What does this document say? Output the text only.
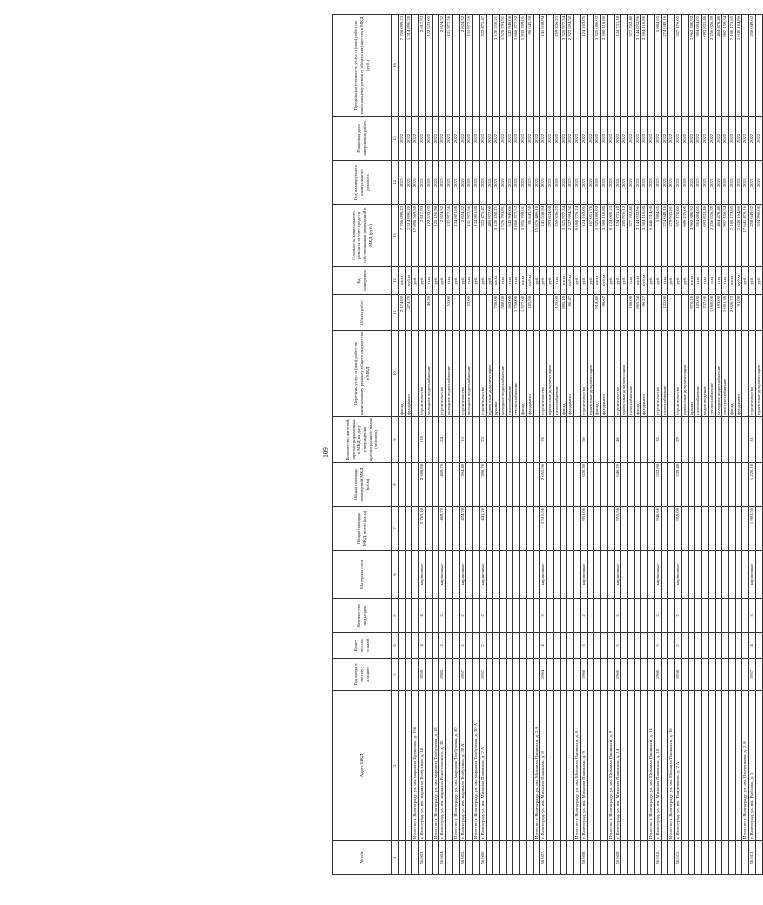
109
№ п/п	Адрес МКД	Год ввода в эксплу-атацию	Коли-чество этажей	Количество подъездов	Материал стен	Общая площадь МКД, всего (кв.м)	Общая площадь помещений МКД (кв.м)	Количество жителей, зарегистрированных в МКД на дату утверждения краткосрочного плана (человек)	Перечень услуг и (или) работ по капитальному ремонту общего имущества в МКД	Объем работ	Ед. измерения	Стоимость капитального ремонта за счет средств собственников помещений в МКД (руб.)	Год планируемого капитального ремонта	Плановая дата завершения работ	Предельная стоимость услуг и (или) работ по капитальному ремонту общего имущества в МКД (руб.)
1	2	3	4	5	6	7	8	9	10	11	12	13	14	15	16
									фасад	2 174,80	кв.м	7 706 099,23	2021	2022	7 706 099,23
									фундамент	474,70	куб.м	1 314 890,20	2021	2022	1 314 890,20
	Итого по г. Волгограду, ул. им. маршала Еременко, д. 156										руб.	17 898 569,30	2021	2022	
56.603.	г. Волгоград, ул. им. маршала Толбухина, д. 18	1959	4	4	кирпичные	2 765,10	2 588,80	118	строительство		руб.	2 617,93	2021	2022	2 617,93
									холодное водоснабжение	46,20	п.м	122 533,05	2021	2022	122 533,05
	Итого по г. Волгограду, ул. им. маршала Толбухина, д. 18										руб.	125 150,98	2021	2022	
56.604.	г. Волгоград, ул. им. маршала Рокоссовского, д. 30	1985	2	2	кирпичные	469,70	469,70	24	строительство		руб.	2 824,32	2021	2022	2 824,32
									холодное водоснабжение	52,00	п.м	131 977,56	2021	2022	131 977,56
	Итого по г. Волгограду, ул. им. маршала Толбухина, д. 30										руб.	134 801,88	2021	2022	
56.605.	г. Волгоград, ул. им. маршала Толбухина, д. 30 А	1957	2	2	кирпичные	434,70	394,40	13	строительство		руб.	2 824,32	2021	2022	2 824,32
									холодное водоснабжение	52,00	п.м	131 977,56	2021	2022	131 977,56
	Итого по г. Волгограду, ул. им. маршала Толбухина, д. 30 А										руб.	134 801,88	2021	2022	
56.606.	г. Волгоград, ул. им. Михаила Паникахи, д. 2 А	1957	2	2	кирпичные	441,20	398,70	23	строительство		руб.	322 475,47	2021	2022	322 475,47
									проектные документации		руб.	486 977,00	2021	2022	
									крыша	750,00	кв.м	3 120 250,21	2021	2022	3 120 250,21
									холодное водоснабжение	580,00	п.м	1 570 793,91	2021	2022	1 570 793,91
									газоснабжение	262,00	п.м	543 946,06	2021	2022	543 946,06
									теплоснабжение	1 756,00	п.м	3 866 377,52	2021	2022	3 866 377,52
									фасад	1 577,00	кв.м	5 935 709,01	2021	2022	5 935 709,01
									фундамент	185,60	куб.м	96 645,50	2021	2022	96 645,50
	Итого по г. Волгограду, ул. им. Михаила Паникахи, д. 2 А										руб.	15 876 486,18	2021	2022	
56.607.	г. Волгоград, ул. им. Михаила Паникахи, д. 8	1964	4	3	кирпичные	2 515,50	2 055,90	78	строительство		руб.	141 538,94	2021	2022	141 538,94
									проектные документации		руб.	293 834,68	2021	2022	
									газоснабжение	125,00	п.м	259 336,25	2021	2022	259 336,25
									фасад	895,10	кв.м	3 325 977,34	2021	2022	3 325 977,34
									фундамент	86,47	куб.м	2 327 594,50	2021	2022	2 327 594,50
	Итого по г. Волгограду, ул. им. Михаила Паникахи, д. 8										руб.	6 068 776,24	2021	2022	
56.608.	г. Волгоград, ул. им. Михаила Паникахи, д. 9	1960	3	2	кирпичные	951,00	620,30	56	строительство		руб.	124 163,05	2021	2022	124 163,05
									проектные документации		руб.	167 051,76	2021	2022	
									фасад	918,40	кв.м	3 325 080,02	2021	2022	3 325 080,02
									фундамент	96,67	куб.м	2 508 118,80	2021	2022	2 508 118,80
	Итого по г. Волгограду, ул. им. Михаила Паникахи, д. 9										руб.	6 124 000,23	2021	2022	
56.609.	г. Волгоград, ул. им. Михаила Паникахи, д. 14	1960	3	2	кирпичные	955,50	646,20	46	строительство		руб.	134 731,18	2021	2022	134 731,18
									проектные документации		руб.	285 976,12	2021	2022	
									газоснабжение	180,00	п.м	377 702,40	2021	2022	377 702,40
									фасад	865,50	кв.м	3 144 032,96	2021	2022	3 144 032,96
									фундамент	96,27	куб.м	2 504 116,80	2021	2022	2 504 116,80
	Итого по г. Волгограду, ул. им. Михаила Паникахи, д. 14										руб.	6 446 514,66	2021	2022	
56.610.	г. Волгоград, ул. им. Михаила Паникахи, д. 18	1960	3	2	кирпичные	946,60	632,80	35	строительство		руб.	5 884,65	2021	2022	5 884,65
									газоснабжение	132,00	п.м	274 049,16	2021	2022	274 049,16
	Итого по г. Волгограду, ул. им. Михаила Паникахи, д. 18										руб.	279 933,81	2021	2022	
56.611.	г. Волгоград, ул. им. Панченкова, д. 2 А	1958	2	2	кирпичные	959,09	539,40	29	строительство		руб.	357 176,05	2021	2022	357 176,05
									проектные документации		руб.	689 235,00	2021	2022	
									крыша	976,20	кв.м	3 962 380,92	2021	2022	3 962 380,92
									газоснабжение	185,00	п.м	384 084,05	2021	2022	384 084,05
									водоотведение	237,00	п.м	693 833,46	2021	2022	693 833,46
									теплоснабжение	1 060,00	п.м	2 256 026,39	2021	2022	2 256 026,39
									холодное водоснабжение	183,00	п.м	464 478,40	2021	2022	464 478,40
									электроснабжение	1 081,30	п.м	907 150,34	2021	2022	907 150,34
									фасад	2 020,73	кв.м	7 160 173,85	2021	2022	7 160 173,85
									фундамент	91,08	куб.м	1 630 164,86	2021	2022	1 630 164,86
	Итого по г. Волгограду, ул. им. Панченкова, д. 2 А										руб.	17 641 476,16	2021	2022	
56.612.	г. Волгоград, ул. им. Рыбалко, д. 5	1957	4	3	кирпичные	1 981,50	1 226,10	31	строительство		руб.	258 049,62	2021	2022	258 049,62
									проектные документации		руб.	534 996,00	2021	2022	
